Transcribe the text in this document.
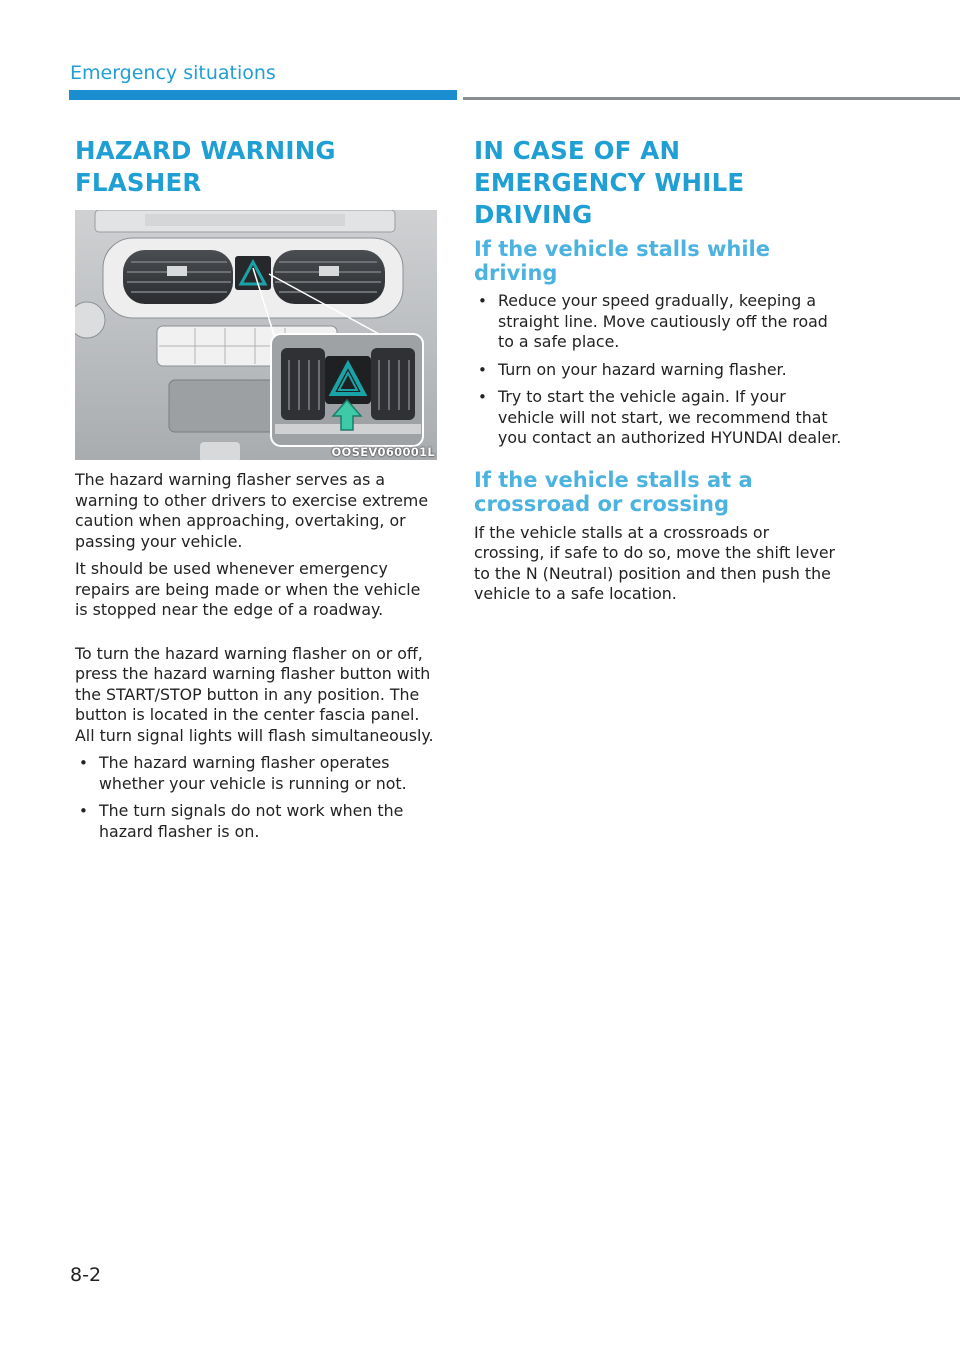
Emergency situations
HAZARD WARNING FLASHER
OOSEV060001L

The hazard warning flasher serves as a warning to other drivers to exercise extreme caution when approaching, overtaking, or passing your vehicle.

It should be used whenever emergency repairs are being made or when the vehicle is stopped near the edge of a roadway.

To turn the hazard warning flasher on or off, press the hazard warning flasher button with the START/STOP button in any position. The button is located in the center fascia panel. All turn signal lights will flash simultaneously.

• The hazard warning flasher operates whether your vehicle is running or not.
• The turn signals do not work when the hazard flasher is on.
IN CASE OF AN EMERGENCY WHILE DRIVING
If the vehicle stalls while driving
• Reduce your speed gradually, keeping a straight line. Move cautiously off the road to a safe place.
• Turn on your hazard warning flasher.
• Try to start the vehicle again. If your vehicle will not start, we recommend that you contact an authorized HYUNDAI dealer.
If the vehicle stalls at a crossroad or crossing

If the vehicle stalls at a crossroads or crossing, if safe to do so, move the shift lever to the N (Neutral) position and then push the vehicle to a safe location.

8-2
